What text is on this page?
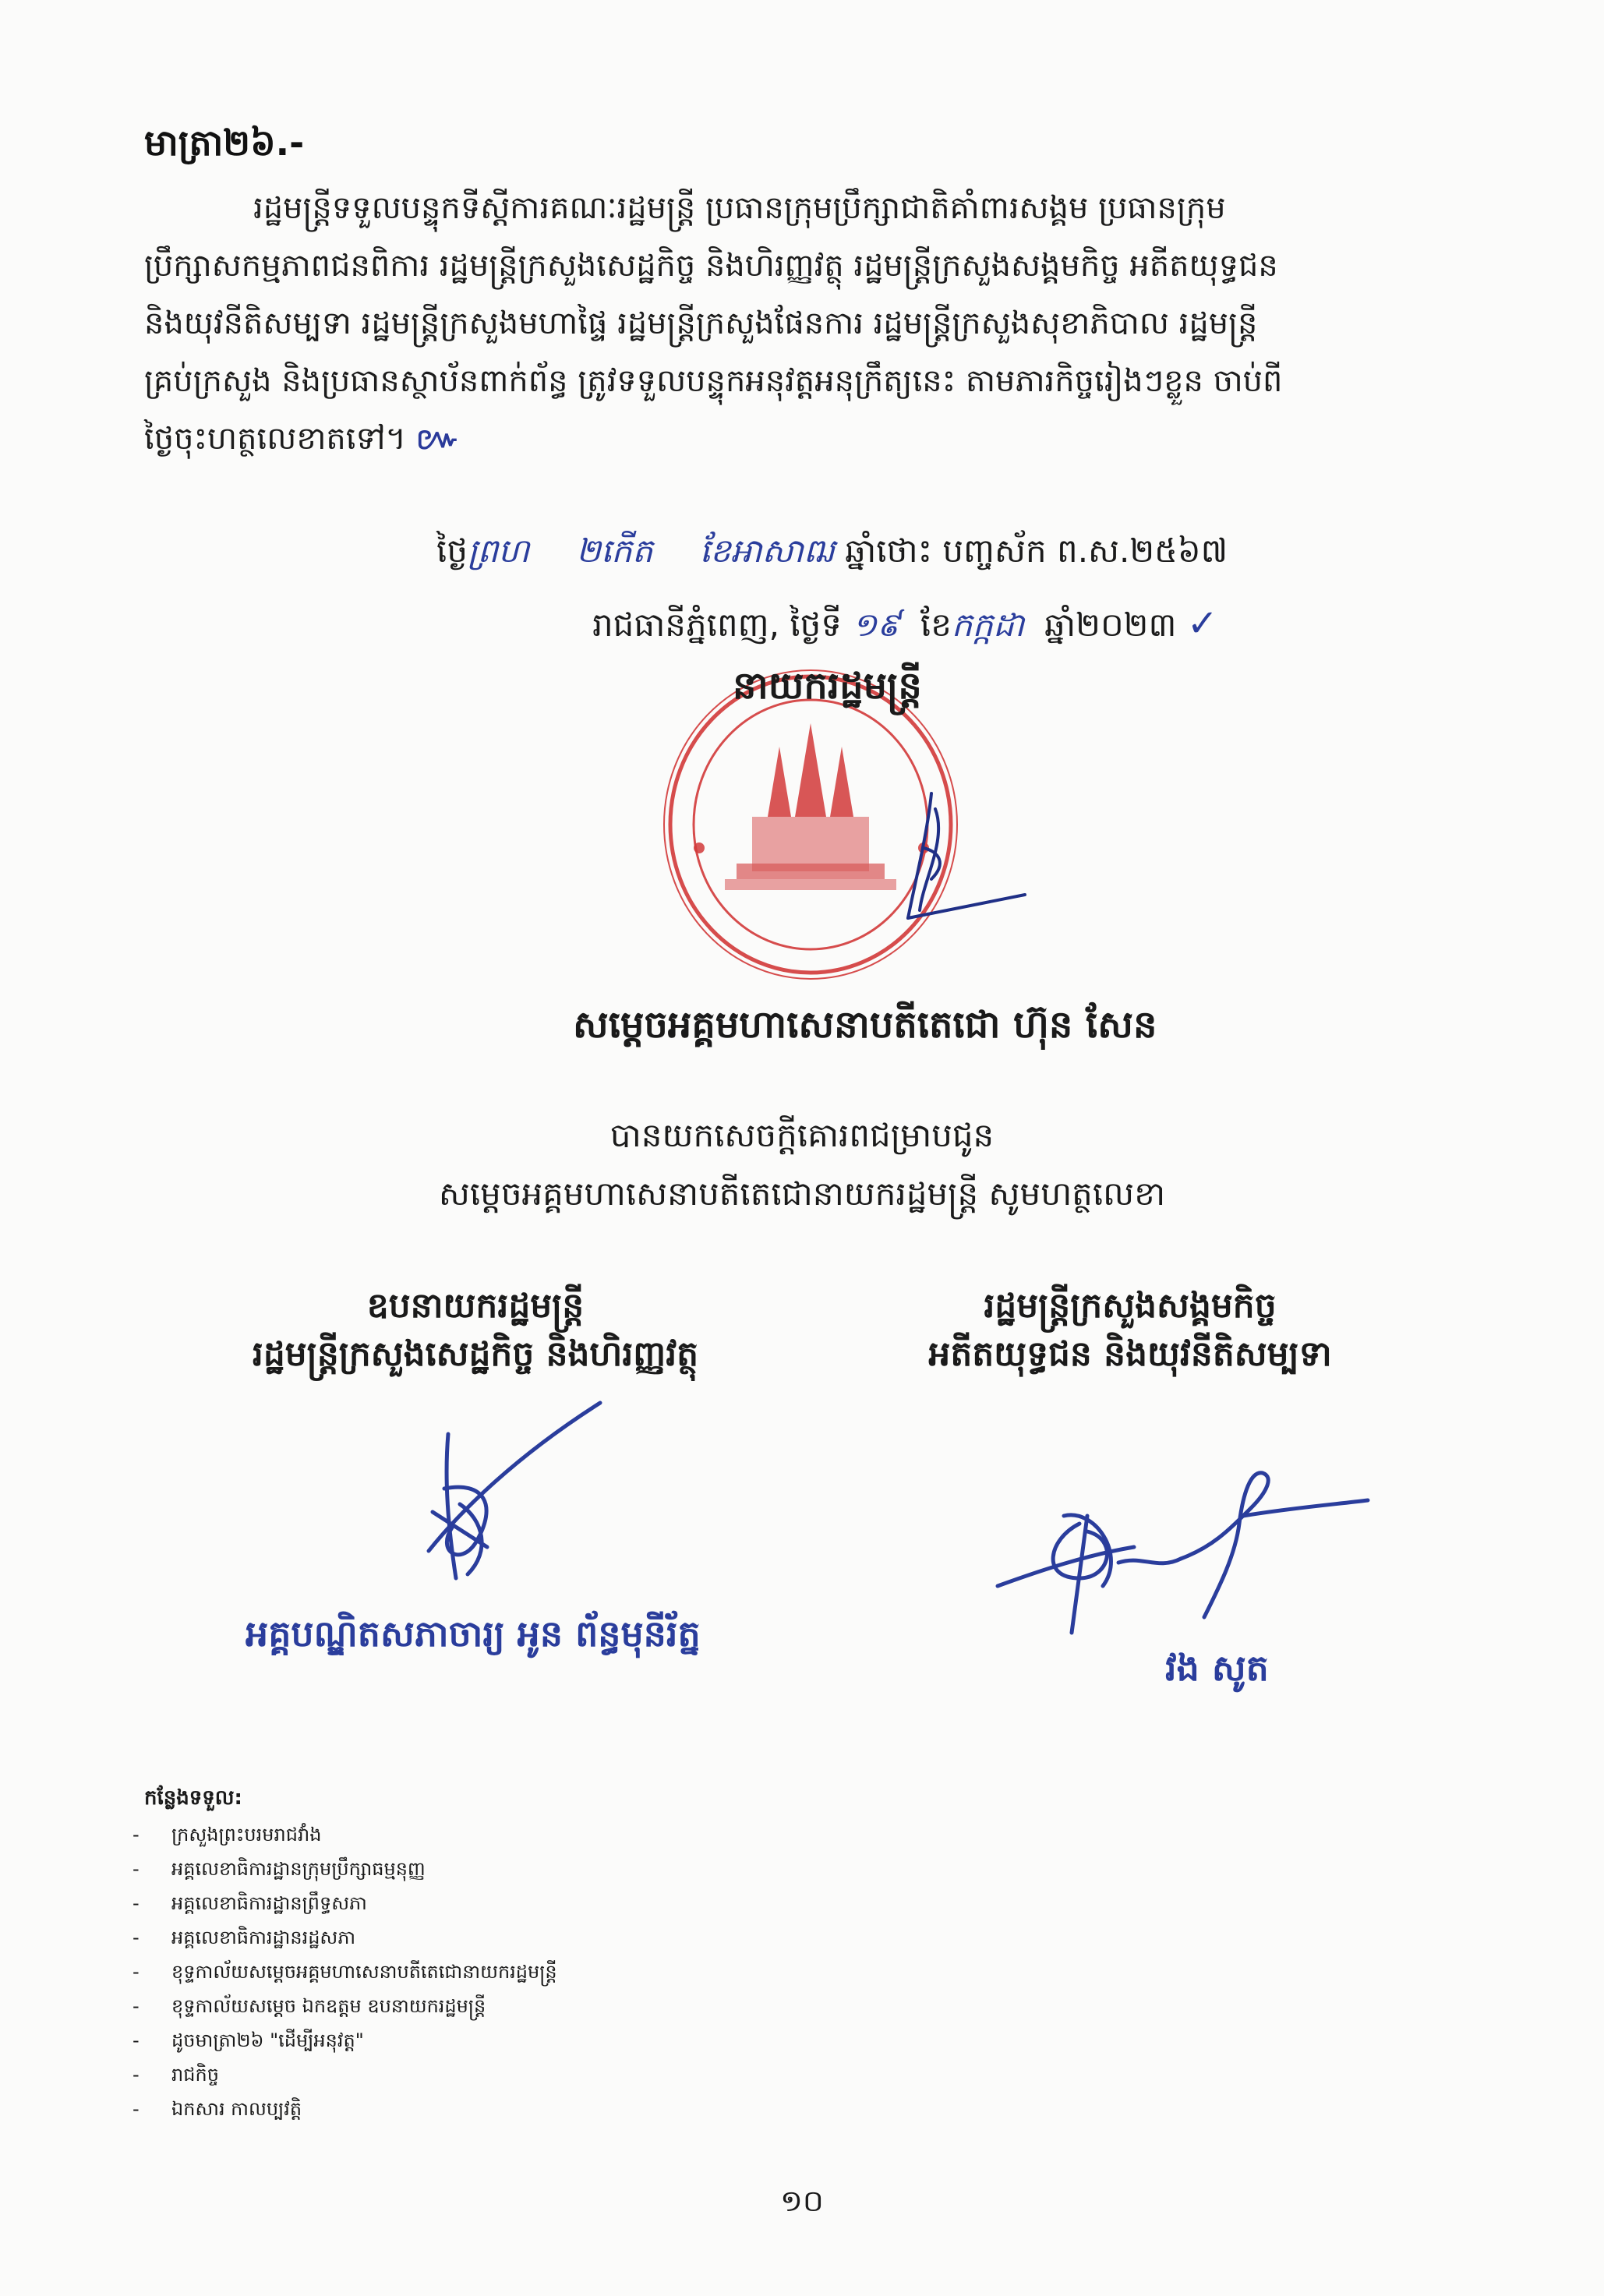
មាត្រា២៦.-
រដ្ឋមន្ត្រីទទួលបន្ទុកទីស្តីការគណៈរដ្ឋមន្ត្រី ប្រធានក្រុមប្រឹក្សាជាតិគាំពារសង្គម ប្រធានក្រុម
ប្រឹក្សាសកម្មភាពជនពិការ រដ្ឋមន្ត្រីក្រសួងសេដ្ឋកិច្ច និងហិរញ្ញវត្ថុ រដ្ឋមន្ត្រីក្រសួងសង្គមកិច្ច អតីតយុទ្ធជន
និងយុវនីតិសម្បទា រដ្ឋមន្ត្រីក្រសួងមហាផ្ទៃ រដ្ឋមន្ត្រីក្រសួងផែនការ រដ្ឋមន្ត្រីក្រសួងសុខាភិបាល រដ្ឋមន្ត្រី
គ្រប់ក្រសួង និងប្រធានស្ថាប័នពាក់ព័ន្ធ ត្រូវទទួលបន្ទុកអនុវត្តអនុក្រឹត្យនេះ តាមភារកិច្ចរៀងៗខ្លួន ចាប់ពី
ថ្ងៃចុះហត្ថលេខាតទៅ។ ៚
ថ្ងៃព្រហ ២កើត ខែអាសាឍ ឆ្នាំថោះ បញ្ចស័ក ព.ស.២៥៦៧
រាជធានីភ្នំពេញ, ថ្ងៃទី ១៩ ខែកក្កដា ឆ្នាំ២០២៣ ✓
នាយករដ្ឋមន្ត្រី
សម្តេចអគ្គមហាសេនាបតីតេជោ ហ៊ុន សែន
បានយកសេចក្តីគោរពជម្រាបជូន
សម្តេចអគ្គមហាសេនាបតីតេជោនាយករដ្ឋមន្ត្រី សូមហត្ថលេខា
ឧបនាយករដ្ឋមន្ត្រី
រដ្ឋមន្ត្រីក្រសួងសេដ្ឋកិច្ច និងហិរញ្ញវត្ថុ
រដ្ឋមន្ត្រីក្រសួងសង្គមកិច្ច
អតីតយុទ្ធជន និងយុវនីតិសម្បទា
អគ្គបណ្ឌិតសភាចារ្យ អូន ព័ន្ធមុនីរ័ត្ន
វង សូត
កន្លែងទទួល:
- ក្រសួងព្រះបរមរាជវាំង
- អគ្គលេខាធិការដ្ឋានក្រុមប្រឹក្សាធម្មនុញ្ញ
- អគ្គលេខាធិការដ្ឋានព្រឹទ្ធសភា
- អគ្គលេខាធិការដ្ឋានរដ្ឋសភា
- ខុទ្ទកាល័យសម្តេចអគ្គមហាសេនាបតីតេជោនាយករដ្ឋមន្ត្រី
- ខុទ្ទកាល័យសម្តេច ឯកឧត្តម ឧបនាយករដ្ឋមន្ត្រី
- ដូចមាត្រា២៦ "ដើម្បីអនុវត្ត"
- រាជកិច្ច
- ឯកសារ កាលប្បវត្តិ
១០
